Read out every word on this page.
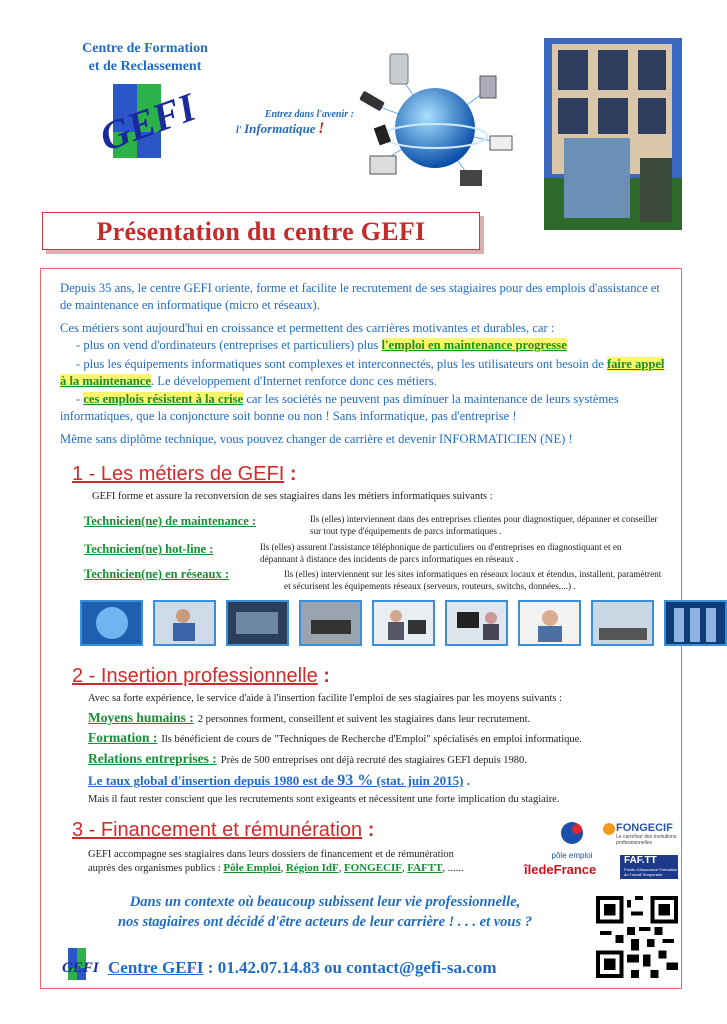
Centre de Formation
et de Reclassement
GEFI	Entrez dans l'avenir :
l' Informatique !
Présentation du centre GEFI
Depuis 35 ans, le centre GEFI oriente, forme et facilite le recrutement de ses stagiaires pour des emplois d'assistance et de maintenance en informatique (micro et réseaux).
Ces métiers sont aujourd'hui en croissance et permettent des carrières motivantes et durables, car :
- plus on vend d'ordinateurs (entreprises et particuliers) plus l'emploi en maintenance progresse
- plus les équipements informatiques sont complexes et interconnectés, plus les utilisateurs ont besoin de faire appel à la maintenance. Le développement d'Internet renforce donc ces métiers.
- ces emplois résistent à la crise car les sociétés ne peuvent pas diminuer la maintenance de leurs systèmes informatiques, que la conjoncture soit bonne ou non ! Sans informatique, pas d'entreprise !
Même sans diplôme technique, vous pouvez changer de carrière et devenir INFORMATICIEN (NE) !
1 - Les métiers de GEFI :
GEFI forme et assure la reconversion de ses stagiaires dans les métiers informatiques suivants :
Technicien(ne) de maintenance :	Ils (elles) interviennent dans des entreprises clientes pour diagnostiquer, dépanner et conseiller sur tout type d'équipements de parcs informatiques .
Technicien(ne) hot-line :	Ils (elles) assurent l'assistance téléphonique de particuliers ou d'entreprises en diagnostiquant et en dépannant à distance des incidents de parcs informatiques en réseaux .
Technicien(ne) en réseaux :	Ils (elles) interviennent sur les sites informatiques en réseaux locaux et étendus, installent, paramètrent et sécurisent les équipements réseaux (serveurs, routeurs, switchs, données,...) .
2 - Insertion professionnelle :
Avec sa forte expérience, le service d'aide à l'insertion facilite l'emploi de ses stagiaires par les moyens suivants :
Moyens humains : 2 personnes forment, conseillent et suivent les stagiaires dans leur recrutement.
Formation : Ils bénéficient de cours de "Techniques de Recherche d'Emploi" spécialisés en emploi informatique.
Relations entreprises : Près de 500 entreprises ont déjà recruté des stagiaires GEFI depuis 1980.
Le taux global d'insertion depuis 1980 est de 93 % (stat. juin 2015) .
Mais il faut rester conscient que les recrutements sont exigeants et nécessitent une forte implication du stagiaire.
3 - Financement et rémunération :
GEFI accompagne ses stagiaires dans leurs dossiers de financement et de rémunération
auprès des organismes publics : Pôle Emploi, Région IdF, FONGECIF, FAFTT, ......
pôle emploi
FONGECIF
Le carrefour des évolutions professionnelles
îledeFrance
FAF.TT
Fonds d'Assurance Formation du Travail Temporaire
Dans un contexte où beaucoup subissent leur vie professionnelle,
nos stagiaires ont décidé d'être acteurs de leur carrière ! . . . et vous ?
GEFI Centre GEFI : 01.42.07.14.83 ou contact@gefi-sa.com
